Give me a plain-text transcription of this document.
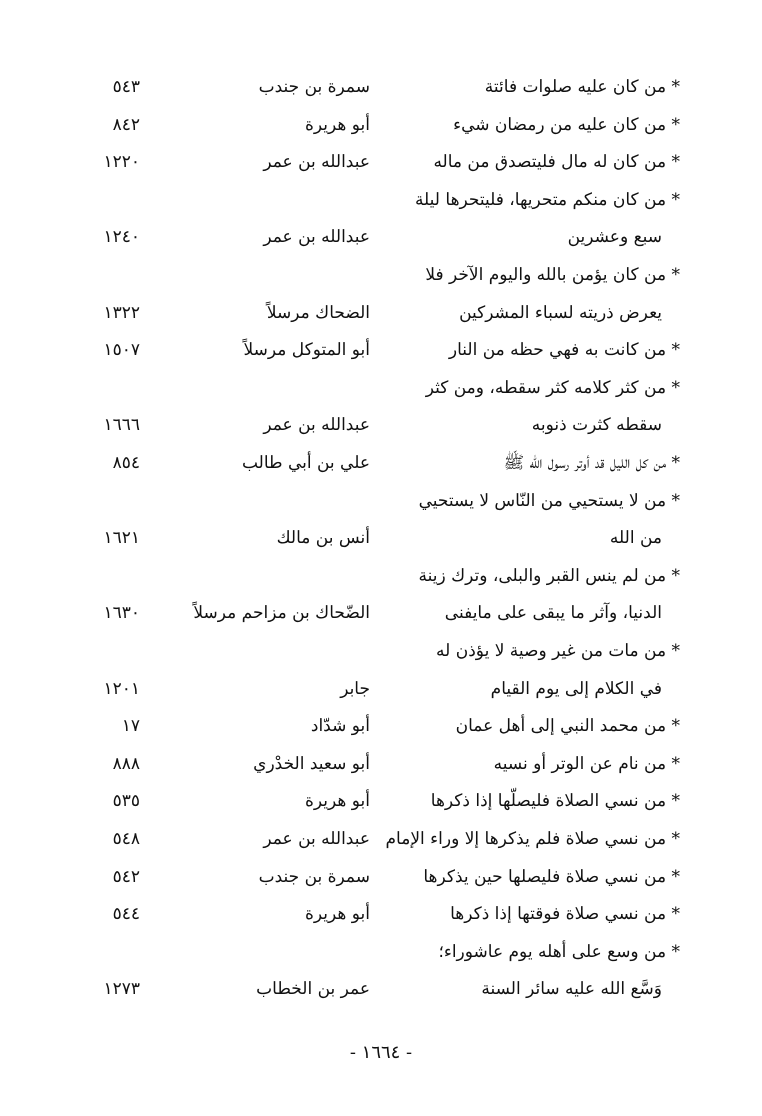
* من كان عليه صلوات فائتة
سمرة بن جندب
٥٤٣
* من كان عليه من رمضان شيء
أبو هريرة
٨٤٢
* من كان له مال فليتصدق من ماله
عبدالله بن عمر
١٢٢٠
* من كان منكم متحريها، فليتحرها ليلة
سبع وعشرين
عبدالله بن عمر
١٢٤٠
* من كان يؤمن بالله واليوم الآخر فلا
يعرض ذريته لسباء المشركين
الضحاك مرسلاً
١٣٢٢
* من كانت به فهي حظه من النار
أبو المتوكل مرسلاً
١٥٠٧
* من كثر كلامه كثر سقطه، ومن كثر
سقطه كثرت ذنوبه
عبدالله بن عمر
١٦٦٦
* من كل الليل قد أوتر رسول الله ﷺ
علي بن أبي طالب
٨٥٤
* من لا يستحيي من النّاس لا يستحيي
من الله
أنس بن مالك
١٦٢١
* من لم ينس القبر والبلى، وترك زينة
الدنيا، وآثر ما يبقى على مايفنى
الضّحاك بن مزاحم مرسلاً
١٦٣٠
* من مات من غير وصية لا يؤذن له
في الكلام إلى يوم القيام
جابر
١٢٠١
* من محمد النبي إلى أهل عمان
أبو شدّاد
١٧
* من نام عن الوتر أو نسيه
أبو سعيد الخدْري
٨٨٨
* من نسي الصلاة فليصلّها إذا ذكرها
أبو هريرة
٥٣٥
* من نسي صلاة فلم يذكرها إلا وراء الإمام
عبدالله بن عمر
٥٤٨
* من نسي صلاة فليصلها حين يذكرها
سمرة بن جندب
٥٤٢
* من نسي صلاة فوقتها إذا ذكرها
أبو هريرة
٥٤٤
* من وسع على أهله يوم عاشوراء؛
وَسَّع الله عليه سائر السنة
عمر بن الخطاب
١٢٧٣
- ١٦٦٤ -
